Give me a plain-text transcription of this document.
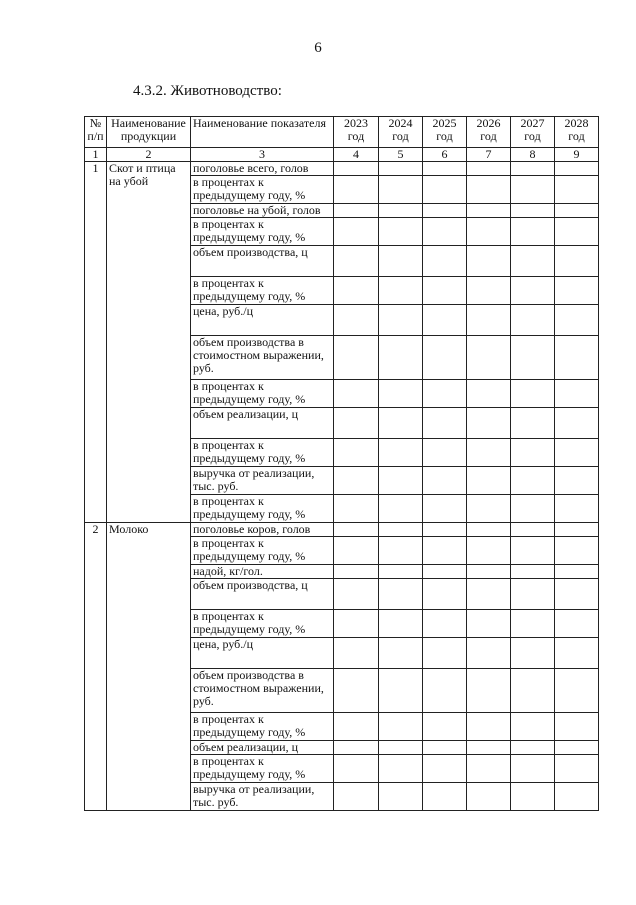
6
4.3.2. Животноводство:
№ п/п	Наименование продукции	Наименование показателя	2023 год	2024 год	2025 год	2026 год	2027 год	2028 год
1	2	3	4	5	6	7	8	9
1	Скот и птица на убой	поголовье всего, голов						
		в процентах к предыдущему году, %						
		поголовье на убой, голов						
		в процентах к предыдущему году, %						
		объем производства, ц						
		в процентах к предыдущему году, %						
		цена, руб./ц						
		объем производства в стоимостном выражении, руб.						
		в процентах к предыдущему году, %						
		объем реализации, ц						
		в процентах к предыдущему году, %						
		выручка от реализации, тыс. руб.						
		в процентах к предыдущему году, %						
2	Молоко	поголовье коров, голов						
		в процентах к предыдущему году, %						
		надой, кг/гол.						
		объем производства, ц						
		в процентах к предыдущему году, %						
		цена, руб./ц						
		объем производства в стоимостном выражении, руб.						
		в процентах к предыдущему году, %						
		объем реализации, ц						
		в процентах к предыдущему году, %						
		выручка от реализации, тыс. руб.						
